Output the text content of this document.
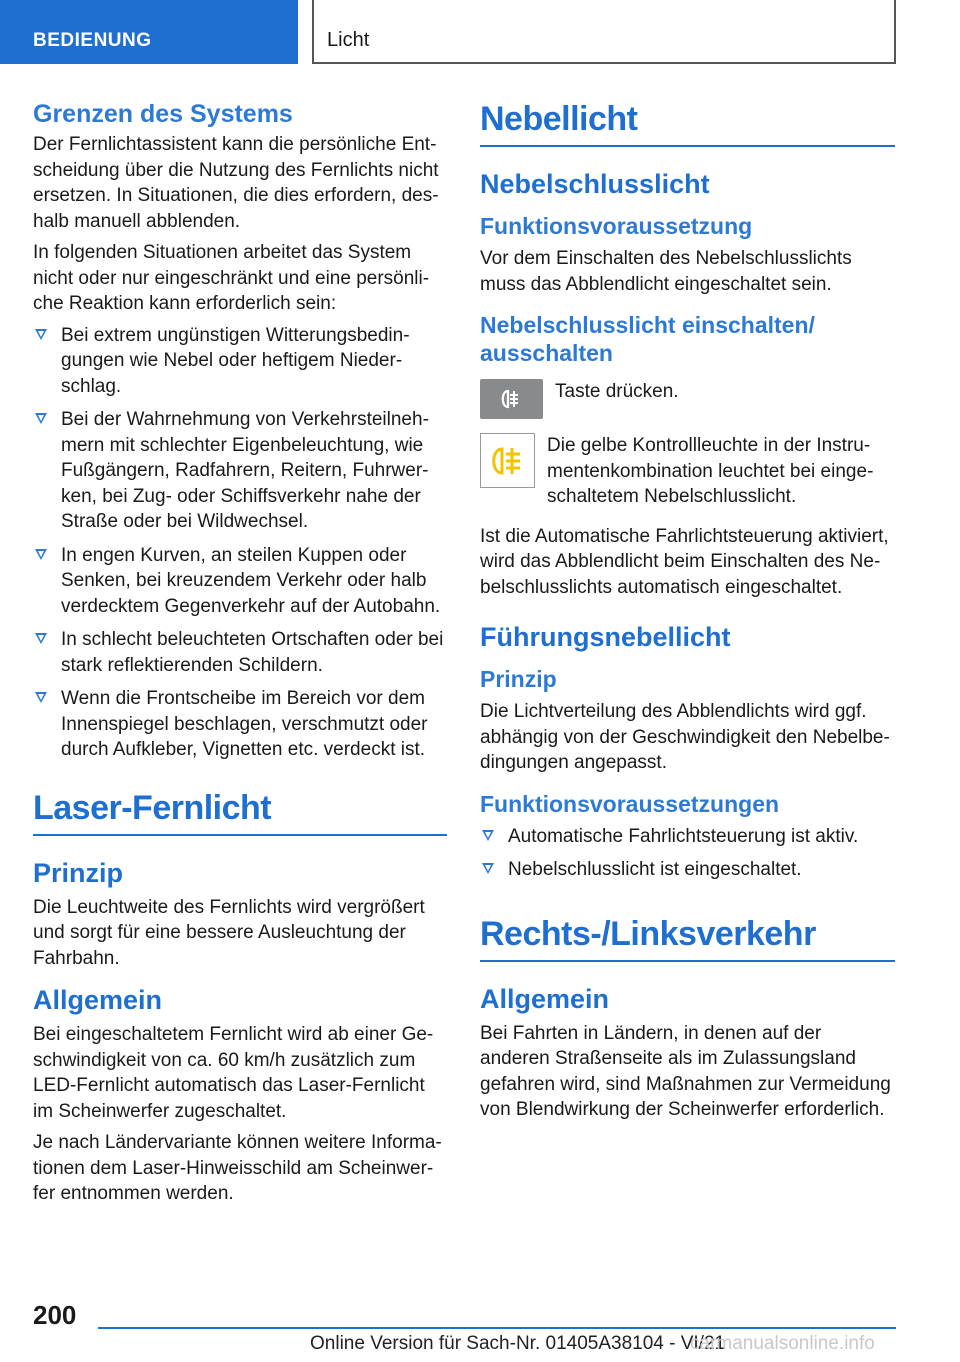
BEDIENUNG	Licht
Grenzen des Systems

Der Fernlichtassistent kann die persönliche Entscheidung über die Nutzung des Fernlichts nicht ersetzen. In Situationen, die dies erfordern, deshalb manuell abblenden.

In folgenden Situationen arbeitet das System nicht oder nur eingeschränkt und eine persönliche Reaktion kann erforderlich sein:

Bei extrem ungünstigen Witterungsbedingungen wie Nebel oder heftigem Niederschlag.
Bei der Wahrnehmung von Verkehrsteilnehmern mit schlechter Eigenbeleuchtung, wie Fußgängern, Radfahrern, Reitern, Fuhrwerken, bei Zug- oder Schiffsverkehr nahe der Straße oder bei Wildwechsel.
In engen Kurven, an steilen Kuppen oder Senken, bei kreuzendem Verkehr oder halb verdecktem Gegenverkehr auf der Autobahn.
In schlecht beleuchteten Ortschaften oder bei stark reflektierenden Schildern.
Wenn die Frontscheibe im Bereich vor dem Innenspiegel beschlagen, verschmutzt oder durch Aufkleber, Vignetten etc. verdeckt ist.
Laser-Fernlicht
Prinzip

Die Leuchtweite des Fernlichts wird vergrößert und sorgt für eine bessere Ausleuchtung der Fahrbahn.

Allgemein

Bei eingeschaltetem Fernlicht wird ab einer Geschwindigkeit von ca. 60 km/h zusätzlich zum LED-Fernlicht automatisch das Laser-Fernlicht im Scheinwerfer zugeschaltet.

Je nach Ländervariante können weitere Informationen dem Laser-Hinweisschild am Scheinwerfer entnommen werden.

Nebellicht
Nebelschlusslicht
Funktionsvoraussetzung

Vor dem Einschalten des Nebelschlusslichts muss das Abblendlicht eingeschaltet sein.

Nebelschlusslicht einschalten/ ausschalten
Taste drücken.
Die gelbe Kontrollleuchte in der Instrumentenkombination leuchtet bei eingeschaltetem Nebelschlusslicht.

Ist die Automatische Fahrlichtsteuerung aktiviert, wird das Abblendlicht beim Einschalten des Nebelschlusslichts automatisch eingeschaltet.

Führungsnebellicht
Prinzip

Die Lichtverteilung des Abblendlichts wird ggf. abhängig von der Geschwindigkeit den Nebelbedingungen angepasst.

Funktionsvoraussetzungen
Automatische Fahrlichtsteuerung ist aktiv.
Nebelschlusslicht ist eingeschaltet.
Rechts-/Linksverkehr
Allgemein

Bei Fahrten in Ländern, in denen auf der anderen Straßenseite als im Zulassungsland gefahren wird, sind Maßnahmen zur Vermeidung von Blendwirkung der Scheinwerfer erforderlich.

200
Online Version für Sach-Nr. 01405A38104 - VI/21
carmanualsonline.info
